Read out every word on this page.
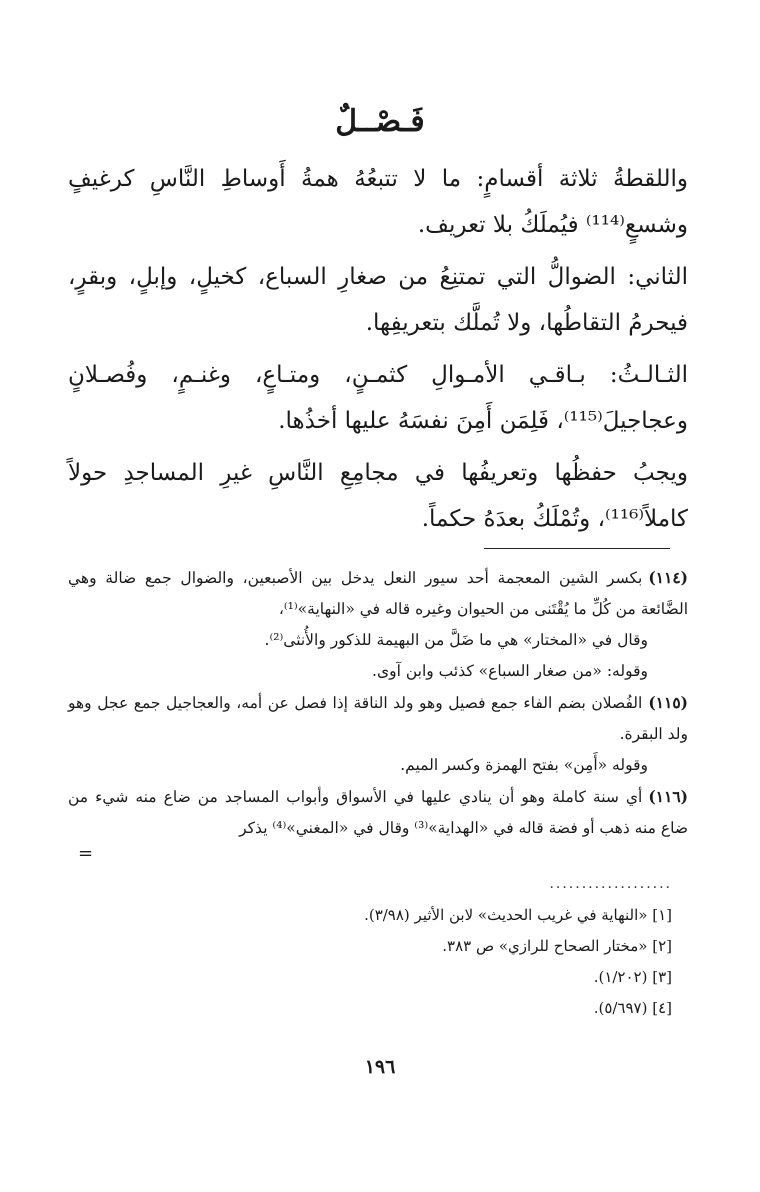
فَـصْــلٌ

واللقطةُ ثلاثة أقسامٍ: ما لا تتبعُهُ همةُ أَوساطِ النَّاسِ كرغيفٍ وشسعٍ⁽¹¹⁴⁾ فيُملَكُ بلا تعريف.

الثاني: الضوالُّ التي تمتنِعُ من صغارِ السباع، كخيلٍ، وإبلٍ، وبقرٍ، فيحرمُ التقاطُها، ولا تُملَّك بتعريفِها.

الثـالـثُ: بـاقـي الأمـوالِ كثمـنٍ، ومتـاعٍ، وغنـمٍ، وفُصـلانٍ وعجاجيلَ⁽¹¹⁵⁾، فَلِمَن أَمِنَ نفسَهُ عليها أخذُها.

ويجبُ حفظُها وتعريفُها في مجامِعِ النَّاسِ غيرِ المساجدِ حولاً كاملاً⁽¹¹⁶⁾، وتُمْلَكُ بعدَهُ حكماً.

(١١٤)بكسر الشين المعجمة أحد سيور النعل يدخل بين الأصبعين، والضوال جمع ضالة وهي الضَّائعة من كُلِّ ما يُقْتَنى من الحيوان وغيره قاله في «النهاية»⁽¹⁾،

وقال في «المختار» هي ما ضَلَّ من البهيمة للذكور والأُنثى⁽²⁾.

وقوله: «من صغار السباع» كذئب وابن آوى.

(١١٥)الفُصلان بضم الفاء جمع فصيل وهو ولد الناقة إذا فصل عن أمه، والعجاجيل جمع عجل وهو ولد البقرة.

وقوله «أَمِن» بفتح الهمزة وكسر الميم.

(١١٦)أي سنة كاملة وهو أن ينادي عليها في الأسواق وأبواب المساجد من ضاع منه شيء من ضاع منه ذهب أو فضة قاله في «الهداية»⁽³⁾ وقال في «المغني»⁽⁴⁾ يذكر

=
...................

[١] «النهاية في غريب الحديث» لابن الأثير (٣/٩٨).

[٢] «مختار الصحاح للرازي» ص ٣٨٣.

[٣] (١/٢٠٢).

[٤] (٥/٦٩٧).

١٩٦
